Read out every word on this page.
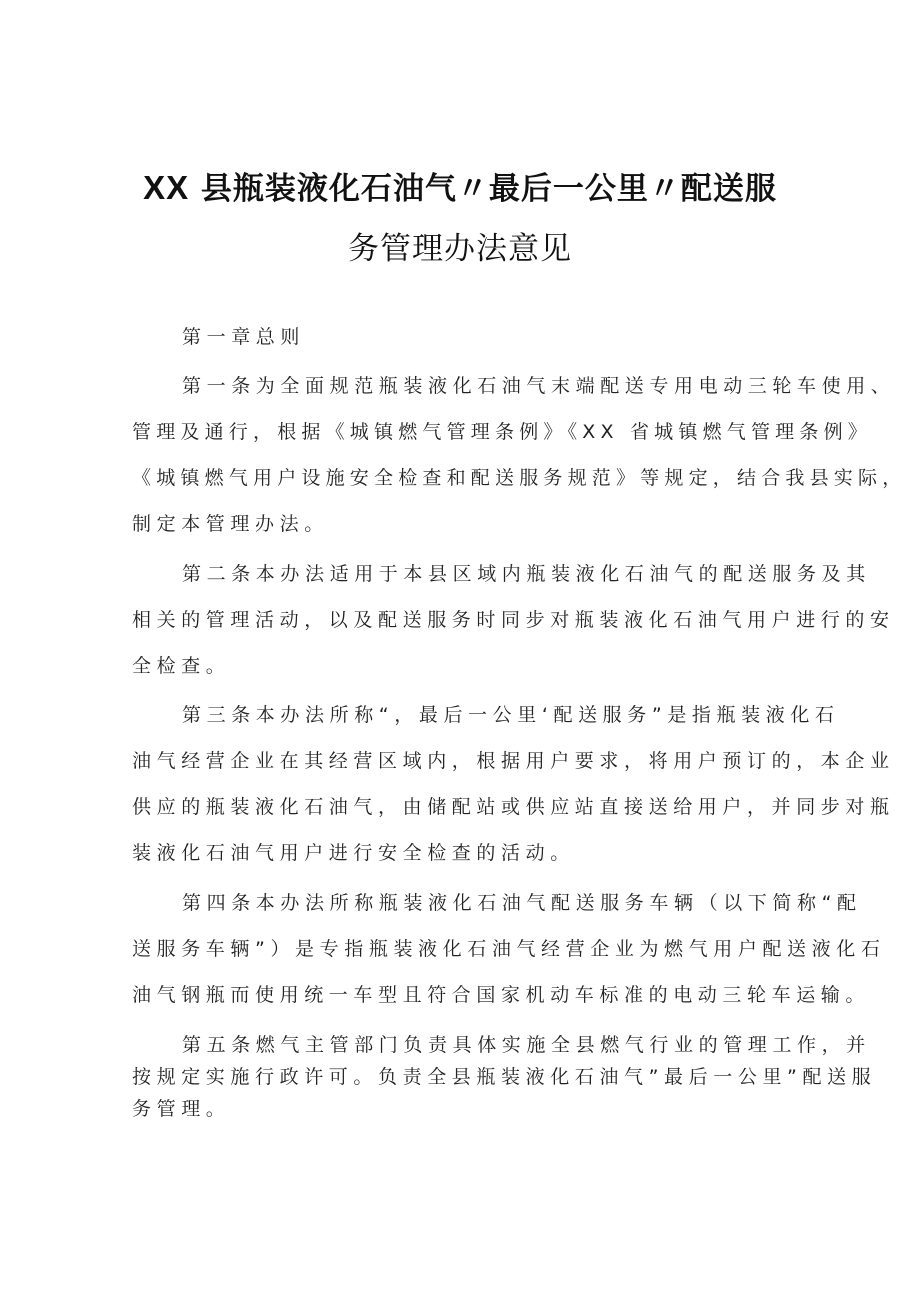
XX 县瓶装液化石油气〃最后一公里〃配送服
务管理办法意见
第一章总则
第一条为全面规范瓶装液化石油气末端配送专用电动三轮车使用、
管理及通行，根据《城镇燃气管理条例》《XX 省城镇燃气管理条例》
《城镇燃气用户设施安全检查和配送服务规范》等规定，结合我县实际，
制定本管理办法。
第二条本办法适用于本县区域内瓶装液化石油气的配送服务及其
相关的管理活动，以及配送服务时同步对瓶装液化石油气用户进行的安
全检查。
第三条本办法所称“，最后一公里‘配送服务”是指瓶装液化石
油气经营企业在其经营区域内，根据用户要求，将用户预订的，本企业
供应的瓶装液化石油气，由储配站或供应站直接送给用户，并同步对瓶
装液化石油气用户进行安全检查的活动。
第四条本办法所称瓶装液化石油气配送服务车辆（以下简称“配
送服务车辆”）是专指瓶装液化石油气经营企业为燃气用户配送液化石
油气钢瓶而使用统一车型且符合国家机动车标准的电动三轮车运输。
第五条燃气主管部门负责具体实施全县燃气行业的管理工作，并
按规定实施行政许可。负责全县瓶装液化石油气”最后一公里”配送服
务管理。
